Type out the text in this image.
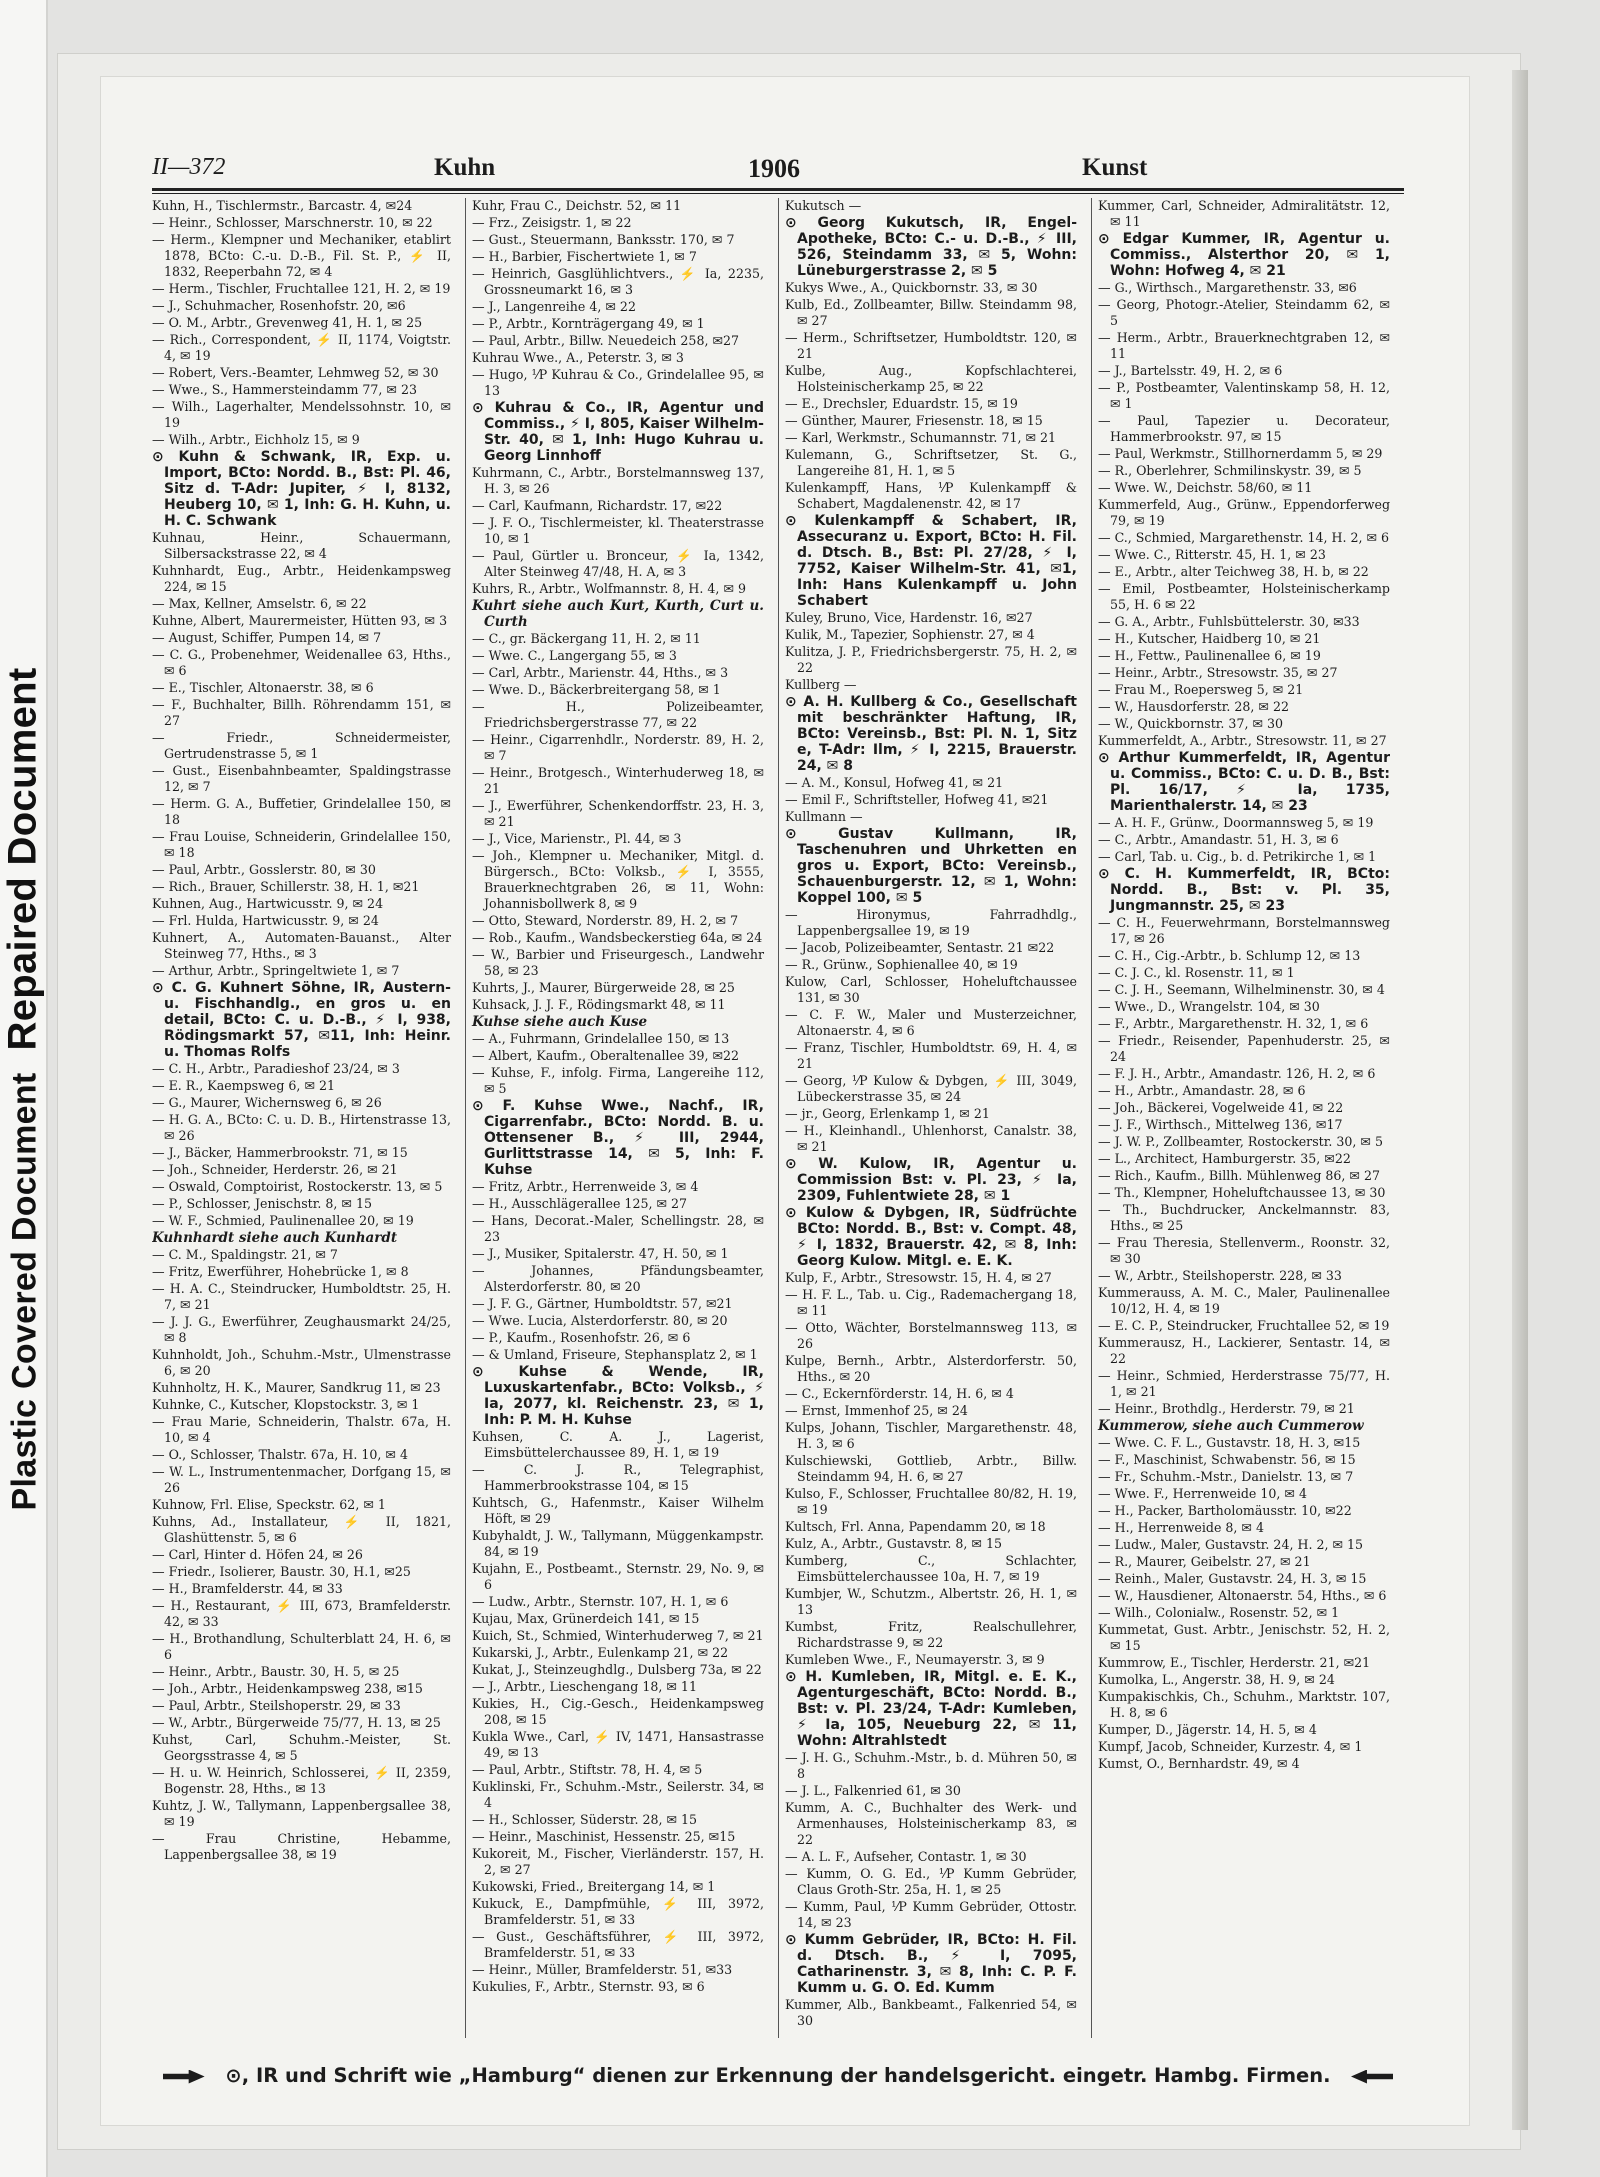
Plastic Covered DocumentRepaired Document
II—372	Kuhn	1906	Kunst
Kuhn, H., Tischlermstr., Barcastr. 4, ✉24
— Heinr., Schlosser, Marschnerstr. 10, ✉ 22
— Herm., Klempner und Mechaniker, etablirt 1878, BCto: C.-u. D.-B., Fil. St. P., ⚡ II, 1832, Reeperbahn 72, ✉ 4
— Herm., Tischler, Fruchtallee 121, H. 2, ✉ 19
— J., Schuhmacher, Rosenhofstr. 20, ✉6
— O. M., Arbtr., Grevenweg 41, H. 1, ✉ 25
— Rich., Correspondent, ⚡ II, 1174, Voigtstr. 4, ✉ 19
— Robert, Vers.-Beamter, Lehmweg 52, ✉ 30
— Wwe., S., Hammersteindamm 77, ✉ 23
— Wilh., Lagerhalter, Mendelssohnstr. 10, ✉ 19
— Wilh., Arbtr., Eichholz 15, ✉ 9
⊙ Kuhn & Schwank, IR, Exp. u. Import, BCto: Nordd. B., Bst: Pl. 46, Sitz d. T-Adr: Jupiter, ⚡ I, 8132, Heuberg 10, ✉ 1, Inh: G. H. Kuhn, u. H. C. Schwank
Kuhnau, Heinr., Schauermann, Silbersackstrasse 22, ✉ 4
Kuhnhardt, Eug., Arbtr., Heidenkampsweg 224, ✉ 15
— Max, Kellner, Amselstr. 6, ✉ 22
Kuhne, Albert, Maurermeister, Hütten 93, ✉ 3
— August, Schiffer, Pumpen 14, ✉ 7
— C. G., Probenehmer, Weidenallee 63, Hths., ✉ 6
— E., Tischler, Altonaerstr. 38, ✉ 6
— F., Buchhalter, Billh. Röhrendamm 151, ✉ 27
— Friedr., Schneidermeister, Gertrudenstrasse 5, ✉ 1
— Gust., Eisenbahnbeamter, Spaldingstrasse 12, ✉ 7
— Herm. G. A., Buffetier, Grindelallee 150, ✉ 18
— Frau Louise, Schneiderin, Grindelallee 150, ✉ 18
— Paul, Arbtr., Gosslerstr. 80, ✉ 30
— Rich., Brauer, Schillerstr. 38, H. 1, ✉21
Kuhnen, Aug., Hartwicusstr. 9, ✉ 24
— Frl. Hulda, Hartwicusstr. 9, ✉ 24
Kuhnert, A., Automaten-Bauanst., Alter Steinweg 77, Hths., ✉ 3
— Arthur, Arbtr., Springeltwiete 1, ✉ 7
⊙ C. G. Kuhnert Söhne, IR, Austern- u. Fischhandlg., en gros u. en detail, BCto: C. u. D.-B., ⚡ I, 938, Rödingsmarkt 57, ✉11, Inh: Heinr. u. Thomas Rolfs
— C. H., Arbtr., Paradieshof 23/24, ✉ 3
— E. R., Kaempsweg 6, ✉ 21
— G., Maurer, Wichernsweg 6, ✉ 26
— H. G. A., BCto: C. u. D. B., Hirtenstrasse 13, ✉ 26
— J., Bäcker, Hammerbrookstr. 71, ✉ 15
— Joh., Schneider, Herderstr. 26, ✉ 21
— Oswald, Comptoirist, Rostockerstr. 13, ✉ 5
— P., Schlosser, Jenischstr. 8, ✉ 15
— W. F., Schmied, Paulinenallee 20, ✉ 19
Kuhnhardt siehe auch Kunhardt
— C. M., Spaldingstr. 21, ✉ 7
— Fritz, Ewerführer, Hohebrücke 1, ✉ 8
— H. A. C., Steindrucker, Humboldtstr. 25, H. 7, ✉ 21
— J. J. G., Ewerführer, Zeughausmarkt 24/25, ✉ 8
Kuhnholdt, Joh., Schuhm.-Mstr., Ulmenstrasse 6, ✉ 20
Kuhnholtz, H. K., Maurer, Sandkrug 11, ✉ 23
Kuhnke, C., Kutscher, Klopstockstr. 3, ✉ 1
— Frau Marie, Schneiderin, Thalstr. 67a, H. 10, ✉ 4
— O., Schlosser, Thalstr. 67a, H. 10, ✉ 4
— W. L., Instrumentenmacher, Dorfgang 15, ✉ 26
Kuhnow, Frl. Elise, Speckstr. 62, ✉ 1
Kuhns, Ad., Installateur, ⚡ II, 1821, Glashüttenstr. 5, ✉ 6
— Carl, Hinter d. Höfen 24, ✉ 26
— Friedr., Isolierer, Baustr. 30, H.1, ✉25
— H., Bramfelderstr. 44, ✉ 33
— H., Restaurant, ⚡ III, 673, Bramfelderstr. 42, ✉ 33
— H., Brothandlung, Schulterblatt 24, H. 6, ✉ 6
— Heinr., Arbtr., Baustr. 30, H. 5, ✉ 25
— Joh., Arbtr., Heidenkampsweg 238, ✉15
— Paul, Arbtr., Steilshoperstr. 29, ✉ 33
— W., Arbtr., Bürgerweide 75/77, H. 13, ✉ 25
Kuhst, Carl, Schuhm.-Meister, St. Georgsstrasse 4, ✉ 5
— H. u. W. Heinrich, Schlosserei, ⚡ II, 2359, Bogenstr. 28, Hths., ✉ 13
Kuhtz, J. W., Tallymann, Lappenbergsallee 38, ✉ 19
— Frau Christine, Hebamme, Lappenbergsallee 38, ✉ 19
Kuhr, Frau C., Deichstr. 52, ✉ 11
— Frz., Zeisigstr. 1, ✉ 22
— Gust., Steuermann, Banksstr. 170, ✉ 7
— H., Barbier, Fischertwiete 1, ✉ 7
— Heinrich, Gasglühlichtvers., ⚡ Ia, 2235, Grossneumarkt 16, ✉ 3
— J., Langenreihe 4, ✉ 22
— P., Arbtr., Kornträgergang 49, ✉ 1
— Paul, Arbtr., Billw. Neuedeich 258, ✉27
Kuhrau Wwe., A., Peterstr. 3, ✉ 3
— Hugo, ⅟P Kuhrau & Co., Grindelallee 95, ✉ 13
⊙ Kuhrau & Co., IR, Agentur und Commiss., ⚡ I, 805, Kaiser Wilhelm-Str. 40, ✉ 1, Inh: Hugo Kuhrau u. Georg Linnhoff
Kuhrmann, C., Arbtr., Borstelmannsweg 137, H. 3, ✉ 26
— Carl, Kaufmann, Richardstr. 17, ✉22
— J. F. O., Tischlermeister, kl. Theaterstrasse 10, ✉ 1
— Paul, Gürtler u. Bronceur, ⚡ Ia, 1342, Alter Steinweg 47/48, H. A, ✉ 3
Kuhrs, R., Arbtr., Wolfmannstr. 8, H. 4, ✉ 9
Kuhrt siehe auch Kurt, Kurth, Curt u. Curth
— C., gr. Bäckergang 11, H. 2, ✉ 11
— Wwe. C., Langergang 55, ✉ 3
— Carl, Arbtr., Marienstr. 44, Hths., ✉ 3
— Wwe. D., Bäckerbreitergang 58, ✉ 1
— H., Polizeibeamter, Friedrichsbergerstrasse 77, ✉ 22
— Heinr., Cigarrenhdlr., Norderstr. 89, H. 2, ✉ 7
— Heinr., Brotgesch., Winterhuderweg 18, ✉ 21
— J., Ewerführer, Schenkendorffstr. 23, H. 3, ✉ 21
— J., Vice, Marienstr., Pl. 44, ✉ 3
— Joh., Klempner u. Mechaniker, Mitgl. d. Bürgersch., BCto: Volksb., ⚡ I, 3555, Brauerknechtgraben 26, ✉ 11, Wohn: Johannisbollwerk 8, ✉ 9
— Otto, Steward, Norderstr. 89, H. 2, ✉ 7
— Rob., Kaufm., Wandsbeckerstieg 64a, ✉ 24
— W., Barbier und Friseurgesch., Landwehr 58, ✉ 23
Kuhrts, J., Maurer, Bürgerweide 28, ✉ 25
Kuhsack, J. J. F., Rödingsmarkt 48, ✉ 11
Kuhse siehe auch Kuse
— A., Fuhrmann, Grindelallee 150, ✉ 13
— Albert, Kaufm., Oberaltenallee 39, ✉22
— Kuhse, F., infolg. Firma, Langereihe 112, ✉ 5
⊙ F. Kuhse Wwe., Nachf., IR, Cigarrenfabr., BCto: Nordd. B. u. Ottensener B., ⚡ III, 2944, Gurlittstrasse 14, ✉ 5, Inh: F. Kuhse
— Fritz, Arbtr., Herrenweide 3, ✉ 4
— H., Ausschlägerallee 125, ✉ 27
— Hans, Decorat.-Maler, Schellingstr. 28, ✉ 23
— J., Musiker, Spitalerstr. 47, H. 50, ✉ 1
— Johannes, Pfändungsbeamter, Alsterdorferstr. 80, ✉ 20
— J. F. G., Gärtner, Humboldtstr. 57, ✉21
— Wwe. Lucia, Alsterdorferstr. 80, ✉ 20
— P., Kaufm., Rosenhofstr. 26, ✉ 6
— & Umland, Friseure, Stephansplatz 2, ✉ 1
⊙ Kuhse & Wende, IR, Luxuskartenfabr., BCto: Volksb., ⚡ Ia, 2077, kl. Reichenstr. 23, ✉ 1, Inh: P. M. H. Kuhse
Kuhsen, C. A. J., Lagerist, Eimsbüttelerchaussee 89, H. 1, ✉ 19
— C. J. R., Telegraphist, Hammerbrookstrasse 104, ✉ 15
Kuhtsch, G., Hafenmstr., Kaiser Wilhelm Höft, ✉ 29
Kubyhaldt, J. W., Tallymann, Müggenkampstr. 84, ✉ 19
Kujahn, E., Postbeamt., Sternstr. 29, No. 9, ✉ 6
— Ludw., Arbtr., Sternstr. 107, H. 1, ✉ 6
Kujau, Max, Grünerdeich 141, ✉ 15
Kuich, St., Schmied, Winterhuderweg 7, ✉ 21
Kukarski, J., Arbtr., Eulenkamp 21, ✉ 22
Kukat, J., Steinzeughdlg., Dulsberg 73a, ✉ 22
— J., Arbtr., Lieschengang 18, ✉ 11
Kukies, H., Cig.-Gesch., Heidenkampsweg 208, ✉ 15
Kukla Wwe., Carl, ⚡ IV, 1471, Hansastrasse 49, ✉ 13
— Paul, Arbtr., Stiftstr. 78, H. 4, ✉ 5
Kuklinski, Fr., Schuhm.-Mstr., Seilerstr. 34, ✉ 4
— H., Schlosser, Süderstr. 28, ✉ 15
— Heinr., Maschinist, Hessenstr. 25, ✉15
Kukoreit, M., Fischer, Vierländerstr. 157, H. 2, ✉ 27
Kukowski, Fried., Breitergang 14, ✉ 1
Kukuck, E., Dampfmühle, ⚡ III, 3972, Bramfelderstr. 51, ✉ 33
— Gust., Geschäftsführer, ⚡ III, 3972, Bramfelderstr. 51, ✉ 33
— Heinr., Müller, Bramfelderstr. 51, ✉33
Kukulies, F., Arbtr., Sternstr. 93, ✉ 6
Kukutsch —
⊙ Georg Kukutsch, IR, Engel-Apotheke, BCto: C.- u. D.-B., ⚡ III, 526, Steindamm 33, ✉ 5, Wohn: Lüneburgerstrasse 2, ✉ 5
Kukys Wwe., A., Quickbornstr. 33, ✉ 30
Kulb, Ed., Zollbeamter, Billw. Steindamm 98, ✉ 27
— Herm., Schriftsetzer, Humboldtstr. 120, ✉ 21
Kulbe, Aug., Kopfschlachterei, Holsteinischerkamp 25, ✉ 22
— E., Drechsler, Eduardstr. 15, ✉ 19
— Günther, Maurer, Friesenstr. 18, ✉ 15
— Karl, Werkmstr., Schumannstr. 71, ✉ 21
Kulemann, G., Schriftsetzer, St. G., Langereihe 81, H. 1, ✉ 5
Kulenkampff, Hans, ⅟P Kulenkampff & Schabert, Magdalenenstr. 42, ✉ 17
⊙ Kulenkampff & Schabert, IR, Assecuranz u. Export, BCto: H. Fil. d. Dtsch. B., Bst: Pl. 27/28, ⚡ I, 7752, Kaiser Wilhelm-Str. 41, ✉1, Inh: Hans Kulenkampff u. John Schabert
Kuley, Bruno, Vice, Hardenstr. 16, ✉27
Kulik, M., Tapezier, Sophienstr. 27, ✉ 4
Kulitza, J. P., Friedrichsbergerstr. 75, H. 2, ✉ 22
Kullberg —
⊙ A. H. Kullberg & Co., Gesellschaft mit beschränkter Haftung, IR, BCto: Vereinsb., Bst: Pl. N. 1, Sitz e, T-Adr: Ilm, ⚡ I, 2215, Brauerstr. 24, ✉ 8
— A. M., Konsul, Hofweg 41, ✉ 21
— Emil F., Schriftsteller, Hofweg 41, ✉21
Kullmann —
⊙ Gustav Kullmann, IR, Taschenuhren und Uhrketten en gros u. Export, BCto: Vereinsb., Schauenburgerstr. 12, ✉ 1, Wohn: Koppel 100, ✉ 5
— Hironymus, Fahrradhdlg., Lappenbergsallee 19, ✉ 19
— Jacob, Polizeibeamter, Sentastr. 21 ✉22
— R., Grünw., Sophienallee 40, ✉ 19
Kulow, Carl, Schlosser, Hoheluftchaussee 131, ✉ 30
— C. F. W., Maler und Musterzeichner, Altonaerstr. 4, ✉ 6
— Franz, Tischler, Humboldtstr. 69, H. 4, ✉ 21
— Georg, ⅟P Kulow & Dybgen, ⚡ III, 3049, Lübeckerstrasse 35, ✉ 24
— jr., Georg, Erlenkamp 1, ✉ 21
— H., Kleinhandl., Uhlenhorst, Canalstr. 38, ✉ 21
⊙ W. Kulow, IR, Agentur u. Commission Bst: v. Pl. 23, ⚡ Ia, 2309, Fuhlentwiete 28, ✉ 1
⊙ Kulow & Dybgen, IR, Südfrüchte BCto: Nordd. B., Bst: v. Compt. 48, ⚡ I, 1832, Brauerstr. 42, ✉ 8, Inh: Georg Kulow. Mitgl. e. E. K.
Kulp, F., Arbtr., Stresowstr. 15, H. 4, ✉ 27
— H. F. L., Tab. u. Cig., Rademachergang 18, ✉ 11
— Otto, Wächter, Borstelmannsweg 113, ✉ 26
Kulpe, Bernh., Arbtr., Alsterdorferstr. 50, Hths., ✉ 20
— C., Eckernförderstr. 14, H. 6, ✉ 4
— Ernst, Immenhof 25, ✉ 24
Kulps, Johann, Tischler, Margarethenstr. 48, H. 3, ✉ 6
Kulschiewski, Gottlieb, Arbtr., Billw. Steindamm 94, H. 6, ✉ 27
Kulso, F., Schlosser, Fruchtallee 80/82, H. 19, ✉ 19
Kultsch, Frl. Anna, Papendamm 20, ✉ 18
Kulz, A., Arbtr., Gustavstr. 8, ✉ 15
Kumberg, C., Schlachter, Eimsbüttelerchaussee 10a, H. 7, ✉ 19
Kumbjer, W., Schutzm., Albertstr. 26, H. 1, ✉ 13
Kumbst, Fritz, Realschullehrer, Richardstrasse 9, ✉ 22
Kumleben Wwe., F., Neumayerstr. 3, ✉ 9
⊙ H. Kumleben, IR, Mitgl. e. E. K., Agenturgeschäft, BCto: Nordd. B., Bst: v. Pl. 23/24, T-Adr: Kumleben, ⚡ Ia, 105, Neueburg 22, ✉ 11, Wohn: Altrahlstedt
— J. H. G., Schuhm.-Mstr., b. d. Mühren 50, ✉ 8
— J. L., Falkenried 61, ✉ 30
Kumm, A. C., Buchhalter des Werk- und Armenhauses, Holsteinischerkamp 83, ✉ 22
— A. L. F., Aufseher, Contastr. 1, ✉ 30
— Kumm, O. G. Ed., ⅟P Kumm Gebrüder, Claus Groth-Str. 25a, H. 1, ✉ 25
— Kumm, Paul, ⅟P Kumm Gebrüder, Ottostr. 14, ✉ 23
⊙ Kumm Gebrüder, IR, BCto: H. Fil. d. Dtsch. B., ⚡ I, 7095, Catharinenstr. 3, ✉ 8, Inh: C. P. F. Kumm u. G. O. Ed. Kumm
Kummer, Alb., Bankbeamt., Falkenried 54, ✉ 30
Kummer, Carl, Schneider, Admiralitätstr. 12, ✉ 11
⊙ Edgar Kummer, IR, Agentur u. Commiss., Alsterthor 20, ✉ 1, Wohn: Hofweg 4, ✉ 21
— G., Wirthsch., Margarethenstr. 33, ✉6
— Georg, Photogr.-Atelier, Steindamm 62, ✉ 5
— Herm., Arbtr., Brauerknechtgraben 12, ✉ 11
— J., Bartelsstr. 49, H. 2, ✉ 6
— P., Postbeamter, Valentinskamp 58, H. 12, ✉ 1
— Paul, Tapezier u. Decorateur, Hammerbrookstr. 97, ✉ 15
— Paul, Werkmstr., Stillhornerdamm 5, ✉ 29
— R., Oberlehrer, Schmilinskystr. 39, ✉ 5
— Wwe. W., Deichstr. 58/60, ✉ 11
Kummerfeld, Aug., Grünw., Eppendorferweg 79, ✉ 19
— C., Schmied, Margarethenstr. 14, H. 2, ✉ 6
— Wwe. C., Ritterstr. 45, H. 1, ✉ 23
— E., Arbtr., alter Teichweg 38, H. b, ✉ 22
— Emil, Postbeamter, Holsteinischerkamp 55, H. 6 ✉ 22
— G. A., Arbtr., Fuhlsbüttelerstr. 30, ✉33
— H., Kutscher, Haidberg 10, ✉ 21
— H., Fettw., Paulinenallee 6, ✉ 19
— Heinr., Arbtr., Stresowstr. 35, ✉ 27
— Frau M., Roepersweg 5, ✉ 21
— W., Hausdorferstr. 28, ✉ 22
— W., Quickbornstr. 37, ✉ 30
Kummerfeldt, A., Arbtr., Stresowstr. 11, ✉ 27
⊙ Arthur Kummerfeldt, IR, Agentur u. Commiss., BCto: C. u. D. B., Bst: Pl. 16/17, ⚡ Ia, 1735, Marienthalerstr. 14, ✉ 23
— A. H. F., Grünw., Doormannsweg 5, ✉ 19
— C., Arbtr., Amandastr. 51, H. 3, ✉ 6
— Carl, Tab. u. Cig., b. d. Petrikirche 1, ✉ 1
⊙ C. H. Kummerfeldt, IR, BCto: Nordd. B., Bst: v. Pl. 35, Jungmannstr. 25, ✉ 23
— C. H., Feuerwehrmann, Borstelmannsweg 17, ✉ 26
— C. H., Cig.-Arbtr., b. Schlump 12, ✉ 13
— C. J. C., kl. Rosenstr. 11, ✉ 1
— C. J. H., Seemann, Wilhelminenstr. 30, ✉ 4
— Wwe., D., Wrangelstr. 104, ✉ 30
— F., Arbtr., Margarethenstr. H. 32, 1, ✉ 6
— Friedr., Reisender, Papenhuderstr. 25, ✉ 24
— F. J. H., Arbtr., Amandastr. 126, H. 2, ✉ 6
— H., Arbtr., Amandastr. 28, ✉ 6
— Joh., Bäckerei, Vogelweide 41, ✉ 22
— J. F., Wirthsch., Mittelweg 136, ✉17
— J. W. P., Zollbeamter, Rostockerstr. 30, ✉ 5
— L., Architect, Hamburgerstr. 35, ✉22
— Rich., Kaufm., Billh. Mühlenweg 86, ✉ 27
— Th., Klempner, Hoheluftchaussee 13, ✉ 30
— Th., Buchdrucker, Anckelmannstr. 83, Hths., ✉ 25
— Frau Theresia, Stellenverm., Roonstr. 32, ✉ 30
— W., Arbtr., Steilshoperstr. 228, ✉ 33
Kummerauss, A. M. C., Maler, Paulinenallee 10/12, H. 4, ✉ 19
— E. C. P., Steindrucker, Fruchtallee 52, ✉ 19
Kummerausz, H., Lackierer, Sentastr. 14, ✉ 22
— Heinr., Schmied, Herderstrasse 75/77, H. 1, ✉ 21
— Heinr., Brothdlg., Herderstr. 79, ✉ 21
Kummerow, siehe auch Cummerow
— Wwe. C. F. L., Gustavstr. 18, H. 3, ✉15
— F., Maschinist, Schwabenstr. 56, ✉ 15
— Fr., Schuhm.-Mstr., Danielstr. 13, ✉ 7
— Wwe. F., Herrenweide 10, ✉ 4
— H., Packer, Bartholomäusstr. 10, ✉22
— H., Herrenweide 8, ✉ 4
— Ludw., Maler, Gustavstr. 24, H. 2, ✉ 15
— R., Maurer, Geibelstr. 27, ✉ 21
— Reinh., Maler, Gustavstr. 24, H. 3, ✉ 15
— W., Hausdiener, Altonaerstr. 54, Hths., ✉ 6
— Wilh., Colonialw., Rosenstr. 52, ✉ 1
Kummetat, Gust. Arbtr., Jenischstr. 52, H. 2, ✉ 15
Kummrow, E., Tischler, Herderstr. 21, ✉21
Kumolka, L., Angerstr. 38, H. 9, ✉ 24
Kumpakischkis, Ch., Schuhm., Marktstr. 107, H. 8, ✉ 6
Kumper, D., Jägerstr. 14, H. 5, ✉ 4
Kumpf, Jacob, Schneider, Kurzestr. 4, ✉ 1
Kumst, O., Bernhardstr. 49, ✉ 4
⊙, IR und Schrift wie „Hamburg“ dienen zur Erkennung der handelsgericht. eingetr. Hambg. Firmen.
